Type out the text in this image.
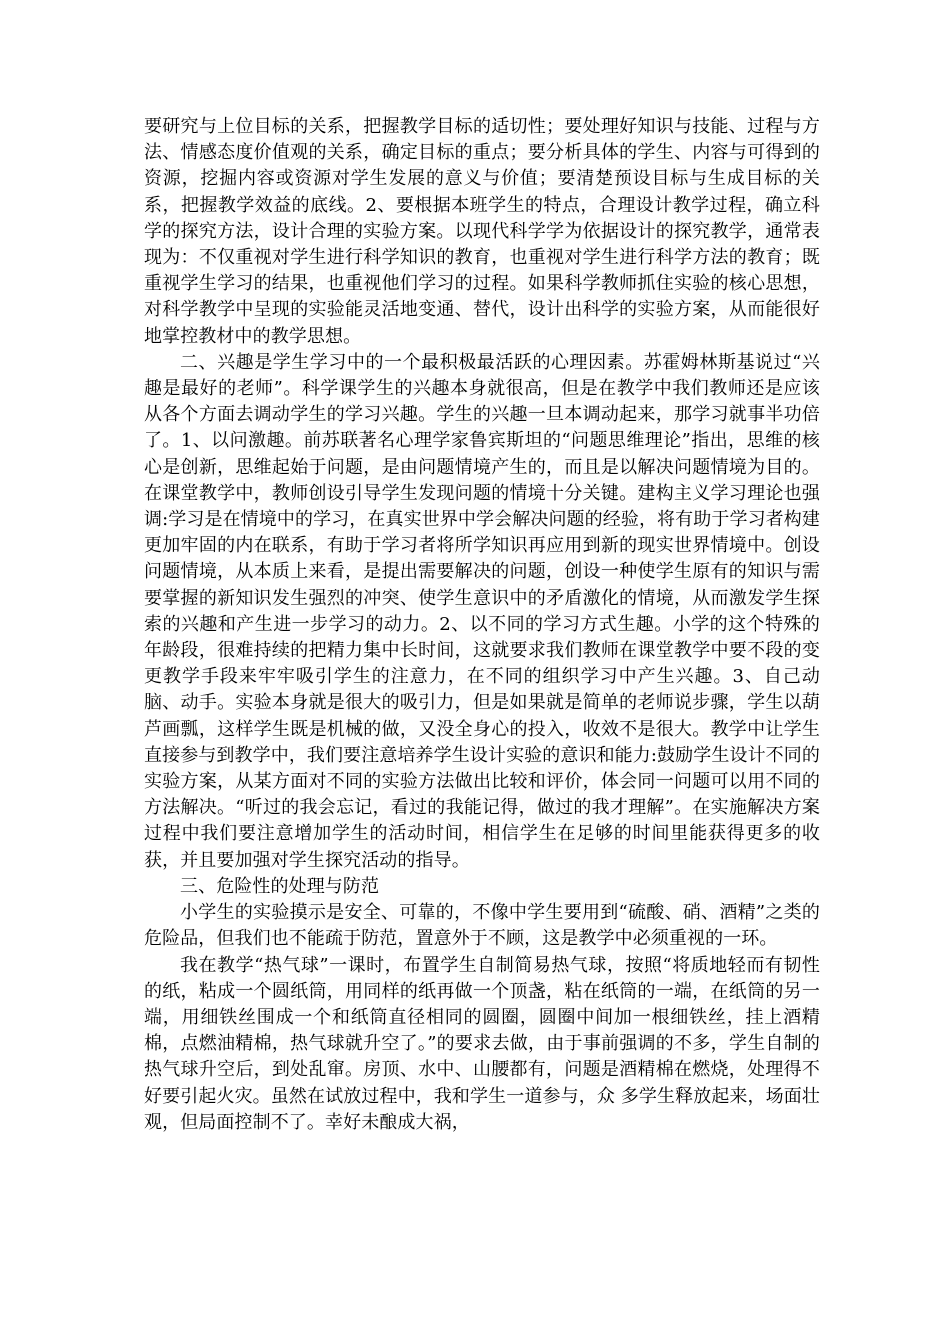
要研究与上位目标的关系，把握教学目标的适切性；要处理好知识与技能、过程与方法、情感态度价值观的关系，确定目标的重点；要分析具体的学生、内容与可得到的资源，挖掘内容或资源对学生发展的意义与价值；要清楚预设目标与生成目标的关系，把握教学效益的底线。2、要根据本班学生的特点，合理设计教学过程，确立科学的探究方法，设计合理的实验方案。以现代科学学为依据设计的探究教学，通常表现为：不仅重视对学生进行科学知识的教育，也重视对学生进行科学方法的教育；既重视学生学习的结果，也重视他们学习的过程。如果科学教师抓住实验的核心思想，对科学教学中呈现的实验能灵活地变通、替代，设计出科学的实验方案，从而能很好地掌控教材中的教学思想。

二、兴趣是学生学习中的一个最积极最活跃的心理因素。苏霍姆林斯基说过“兴趣是最好的老师”。科学课学生的兴趣本身就很高，但是在教学中我们教师还是应该从各个方面去调动学生的学习兴趣。学生的兴趣一旦本调动起来，那学习就事半功倍了。1、以问激趣。前苏联著名心理学家鲁宾斯坦的“问题思维理论”指出，思维的核心是创新，思维起始于问题，是由问题情境产生的，而且是以解决问题情境为目的。在课堂教学中，教师创设引导学生发现问题的情境十分关键。建构主义学习理论也强调:学习是在情境中的学习，在真实世界中学会解决问题的经验，将有助于学习者构建更加牢固的内在联系，有助于学习者将所学知识再应用到新的现实世界情境中。创设问题情境，从本质上来看，是提出需要解决的问题，创设一种使学生原有的知识与需要掌握的新知识发生强烈的冲突、使学生意识中的矛盾激化的情境，从而激发学生探索的兴趣和产生进一步学习的动力。2、以不同的学习方式生趣。小学的这个特殊的年龄段，很难持续的把精力集中长时间，这就要求我们教师在课堂教学中要不段的变更教学手段来牢牢吸引学生的注意力，在不同的组织学习中产生兴趣。3、自己动脑、动手。实验本身就是很大的吸引力，但是如果就是简单的老师说步骤，学生以葫芦画瓢，这样学生既是机械的做，又没全身心的投入，收效不是很大。教学中让学生直接参与到教学中，我们要注意培养学生设计实验的意识和能力:鼓励学生设计不同的实验方案，从某方面对不同的实验方法做出比较和评价，体会同一问题可以用不同的方法解决。“听过的我会忘记，看过的我能记得，做过的我才理解”。在实施解决方案过程中我们要注意增加学生的活动时间，相信学生在足够的时间里能获得更多的收获，并且要加强对学生探究活动的指导。

三、危险性的处理与防范

小学生的实验摸示是安全、可靠的，不像中学生要用到“硫酸、硝、酒精”之类的危险品，但我们也不能疏于防范，置意外于不顾，这是教学中必须重视的一环。

我在教学“热气球”一课时，布置学生自制简易热气球，按照“将质地轻而有韧性的纸，粘成一个圆纸筒，用同样的纸再做一个顶盏，粘在纸筒的一端，在纸筒的另一端，用细铁丝围成一个和纸筒直径相同的圆圈，圆圈中间加一根细铁丝，挂上酒精棉，点燃油精棉，热气球就升空了。”的要求去做，由于事前强调的不多，学生自制的热气球升空后，到处乱窜。房顶、水中、山腰都有，问题是酒精棉在燃烧，处理得不好要引起火灾。虽然在试放过程中，我和学生一道参与，众 多学生释放起来，场面壮观，但局面控制不了。幸好未酿成大祸，
